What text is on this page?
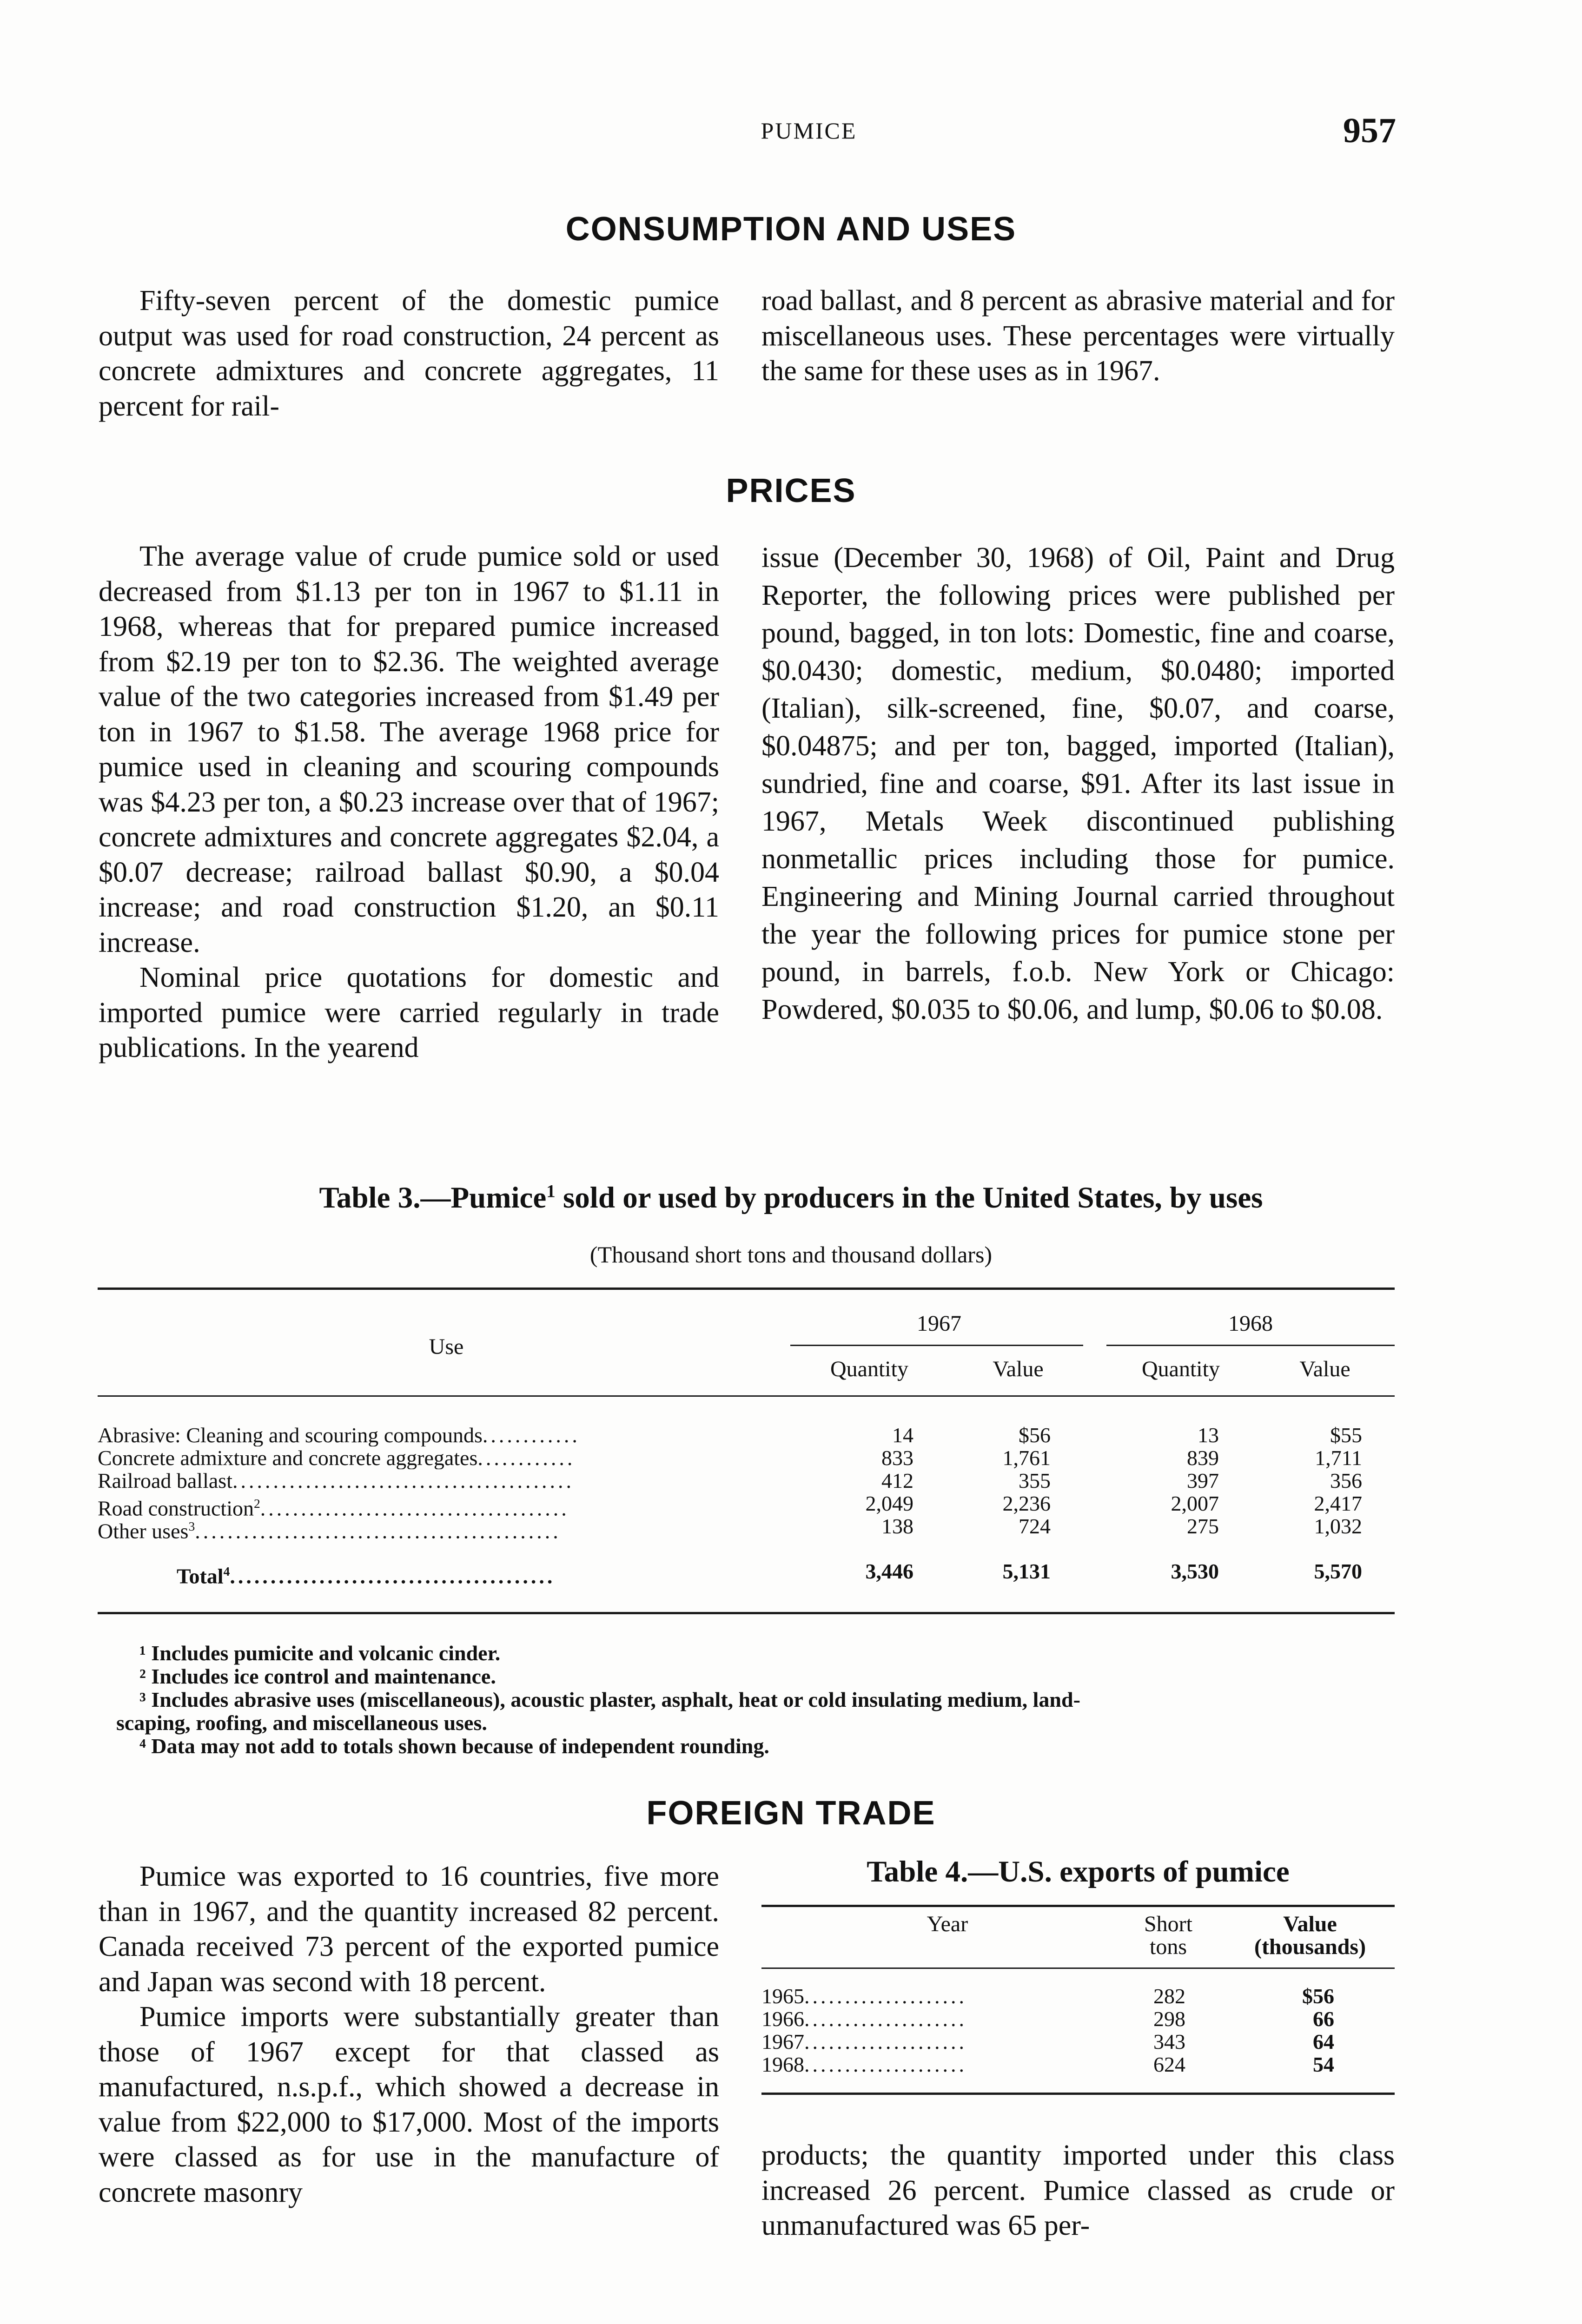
PUMICE	957
CONSUMPTION AND USES

Fifty-seven percent of the domestic pumice output was used for road construction, 24 percent as concrete admixtures and concrete aggregates, 11 percent for rail-

road ballast, and 8 percent as abrasive material and for miscellaneous uses. These percentages were virtually the same for these uses as in 1967.

PRICES

The average value of crude pumice sold or used decreased from $1.13 per ton in 1967 to $1.11 in 1968, whereas that for prepared pumice increased from $2.19 per ton to $2.36. The weighted average value of the two categories increased from $1.49 per ton in 1967 to $1.58. The average 1968 price for pumice used in cleaning and scouring compounds was $4.23 per ton, a $0.23 increase over that of 1967; concrete admixtures and concrete aggregates $2.04, a $0.07 decrease; railroad ballast $0.90, a $0.04 increase; and road construction $1.20, an $0.11 increase.

Nominal price quotations for domestic and imported pumice were carried regularly in trade publications. In the yearend

issue (December 30, 1968) of Oil, Paint and Drug Reporter, the following prices were published per pound, bagged, in ton lots: Domestic, fine and coarse, $0.0430; domestic, medium, $0.0480; imported (Italian), silk-screened, fine, $0.07, and coarse, $0.04875; and per ton, bagged, imported (Italian), sundried, fine and coarse, $91. After its last issue in 1967, Metals Week discontinued publishing nonmetallic prices including those for pumice. Engineering and Mining Journal carried throughout the year the following prices for pumice stone per pound, in barrels, f.o.b. New York or Chicago: Powdered, $0.035 to $0.06, and lump, $0.06 to $0.08.

Table 3.—Pumice$^1$ sold or used by producers in the United States, by uses
(Thousand short tons and thousand dollars)
Use
1967	1968
Quantity	Value	Quantity	Value
Abrasive: Cleaning and scouring compounds............	14	$56	13	$55
Concrete admixture and concrete aggregates............	833	1,761	839	1,711
Railroad ballast..........................................	412	355	397	356
Road construction$^2$......................................	2,049	2,236	2,007	2,417
Other uses$^3$.............................................	138	724	275	1,032
Total$^4$........................................	3,446	5,131	3,530	5,570
¹ Includes pumicite and volcanic cinder.
² Includes ice control and maintenance.
³ Includes abrasive uses (miscellaneous), acoustic plaster, asphalt, heat or cold insulating medium, land-
scaping, roofing, and miscellaneous uses.
⁴ Data may not add to totals shown because of independent rounding.
FOREIGN TRADE

Pumice was exported to 16 countries, five more than in 1967, and the quantity increased 82 percent. Canada received 73 percent of the exported pumice and Japan was second with 18 percent.

Pumice imports were substantially greater than those of 1967 except for that classed as manufactured, n.s.p.f., which showed a decrease in value from $22,000 to $17,000. Most of the imports were classed as for use in the manufacture of concrete masonry

Table 4.—U.S. exports of pumice
Year	Short
tons
Value
(thousands)
1965....................	282	$56
1966....................	298	66
1967....................	343	64
1968....................	624	54

products; the quantity imported under this class increased 26 percent. Pumice classed as crude or unmanufactured was 65 per-
